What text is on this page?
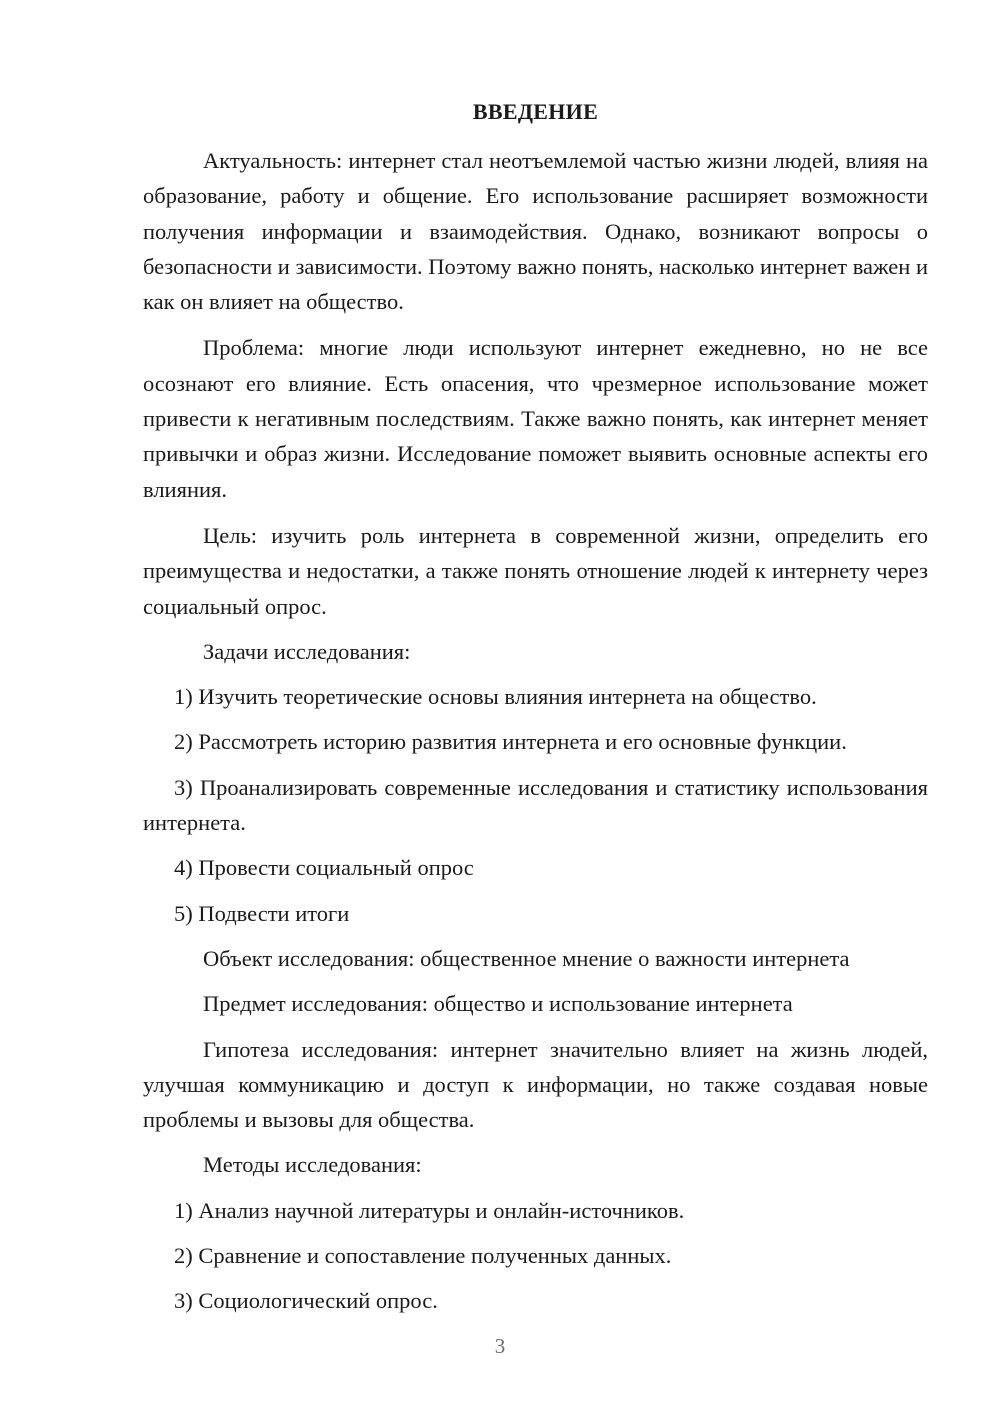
ВВЕДЕНИЕ

Актуальность: интернет стал неотъемлемой частью жизни людей, влияя на образование, работу и общение. Его использование расширяет возможности получения информации и взаимодействия. Однако, возникают вопросы о безопасности и зависимости. Поэтому важно понять, насколько интернет важен и как он влияет на общество.

Проблема: многие люди используют интернет ежедневно, но не все осознают его влияние. Есть опасения, что чрезмерное использование может привести к негативным последствиям. Также важно понять, как интернет меняет привычки и образ жизни. Исследование поможет выявить основные аспекты его влияния.

Цель: изучить роль интернета в современной жизни, определить его преимущества и недостатки, а также понять отношение людей к интернету через социальный опрос.

Задачи исследования:

1) Изучить теоретические основы влияния интернета на общество.

2) Рассмотреть историю развития интернета и его основные функции.

3) Проанализировать современные исследования и статистику использования интернета.

4) Провести социальный опрос

5) Подвести итоги

Объект исследования: общественное мнение о важности интернета

Предмет исследования: общество и использование интернета

Гипотеза исследования: интернет значительно влияет на жизнь людей, улучшая коммуникацию и доступ к информации, но также создавая новые проблемы и вызовы для общества.

Методы исследования:

1) Анализ научной литературы и онлайн-источников.

2) Сравнение и сопоставление полученных данных.

3) Социологический опрос.

3
